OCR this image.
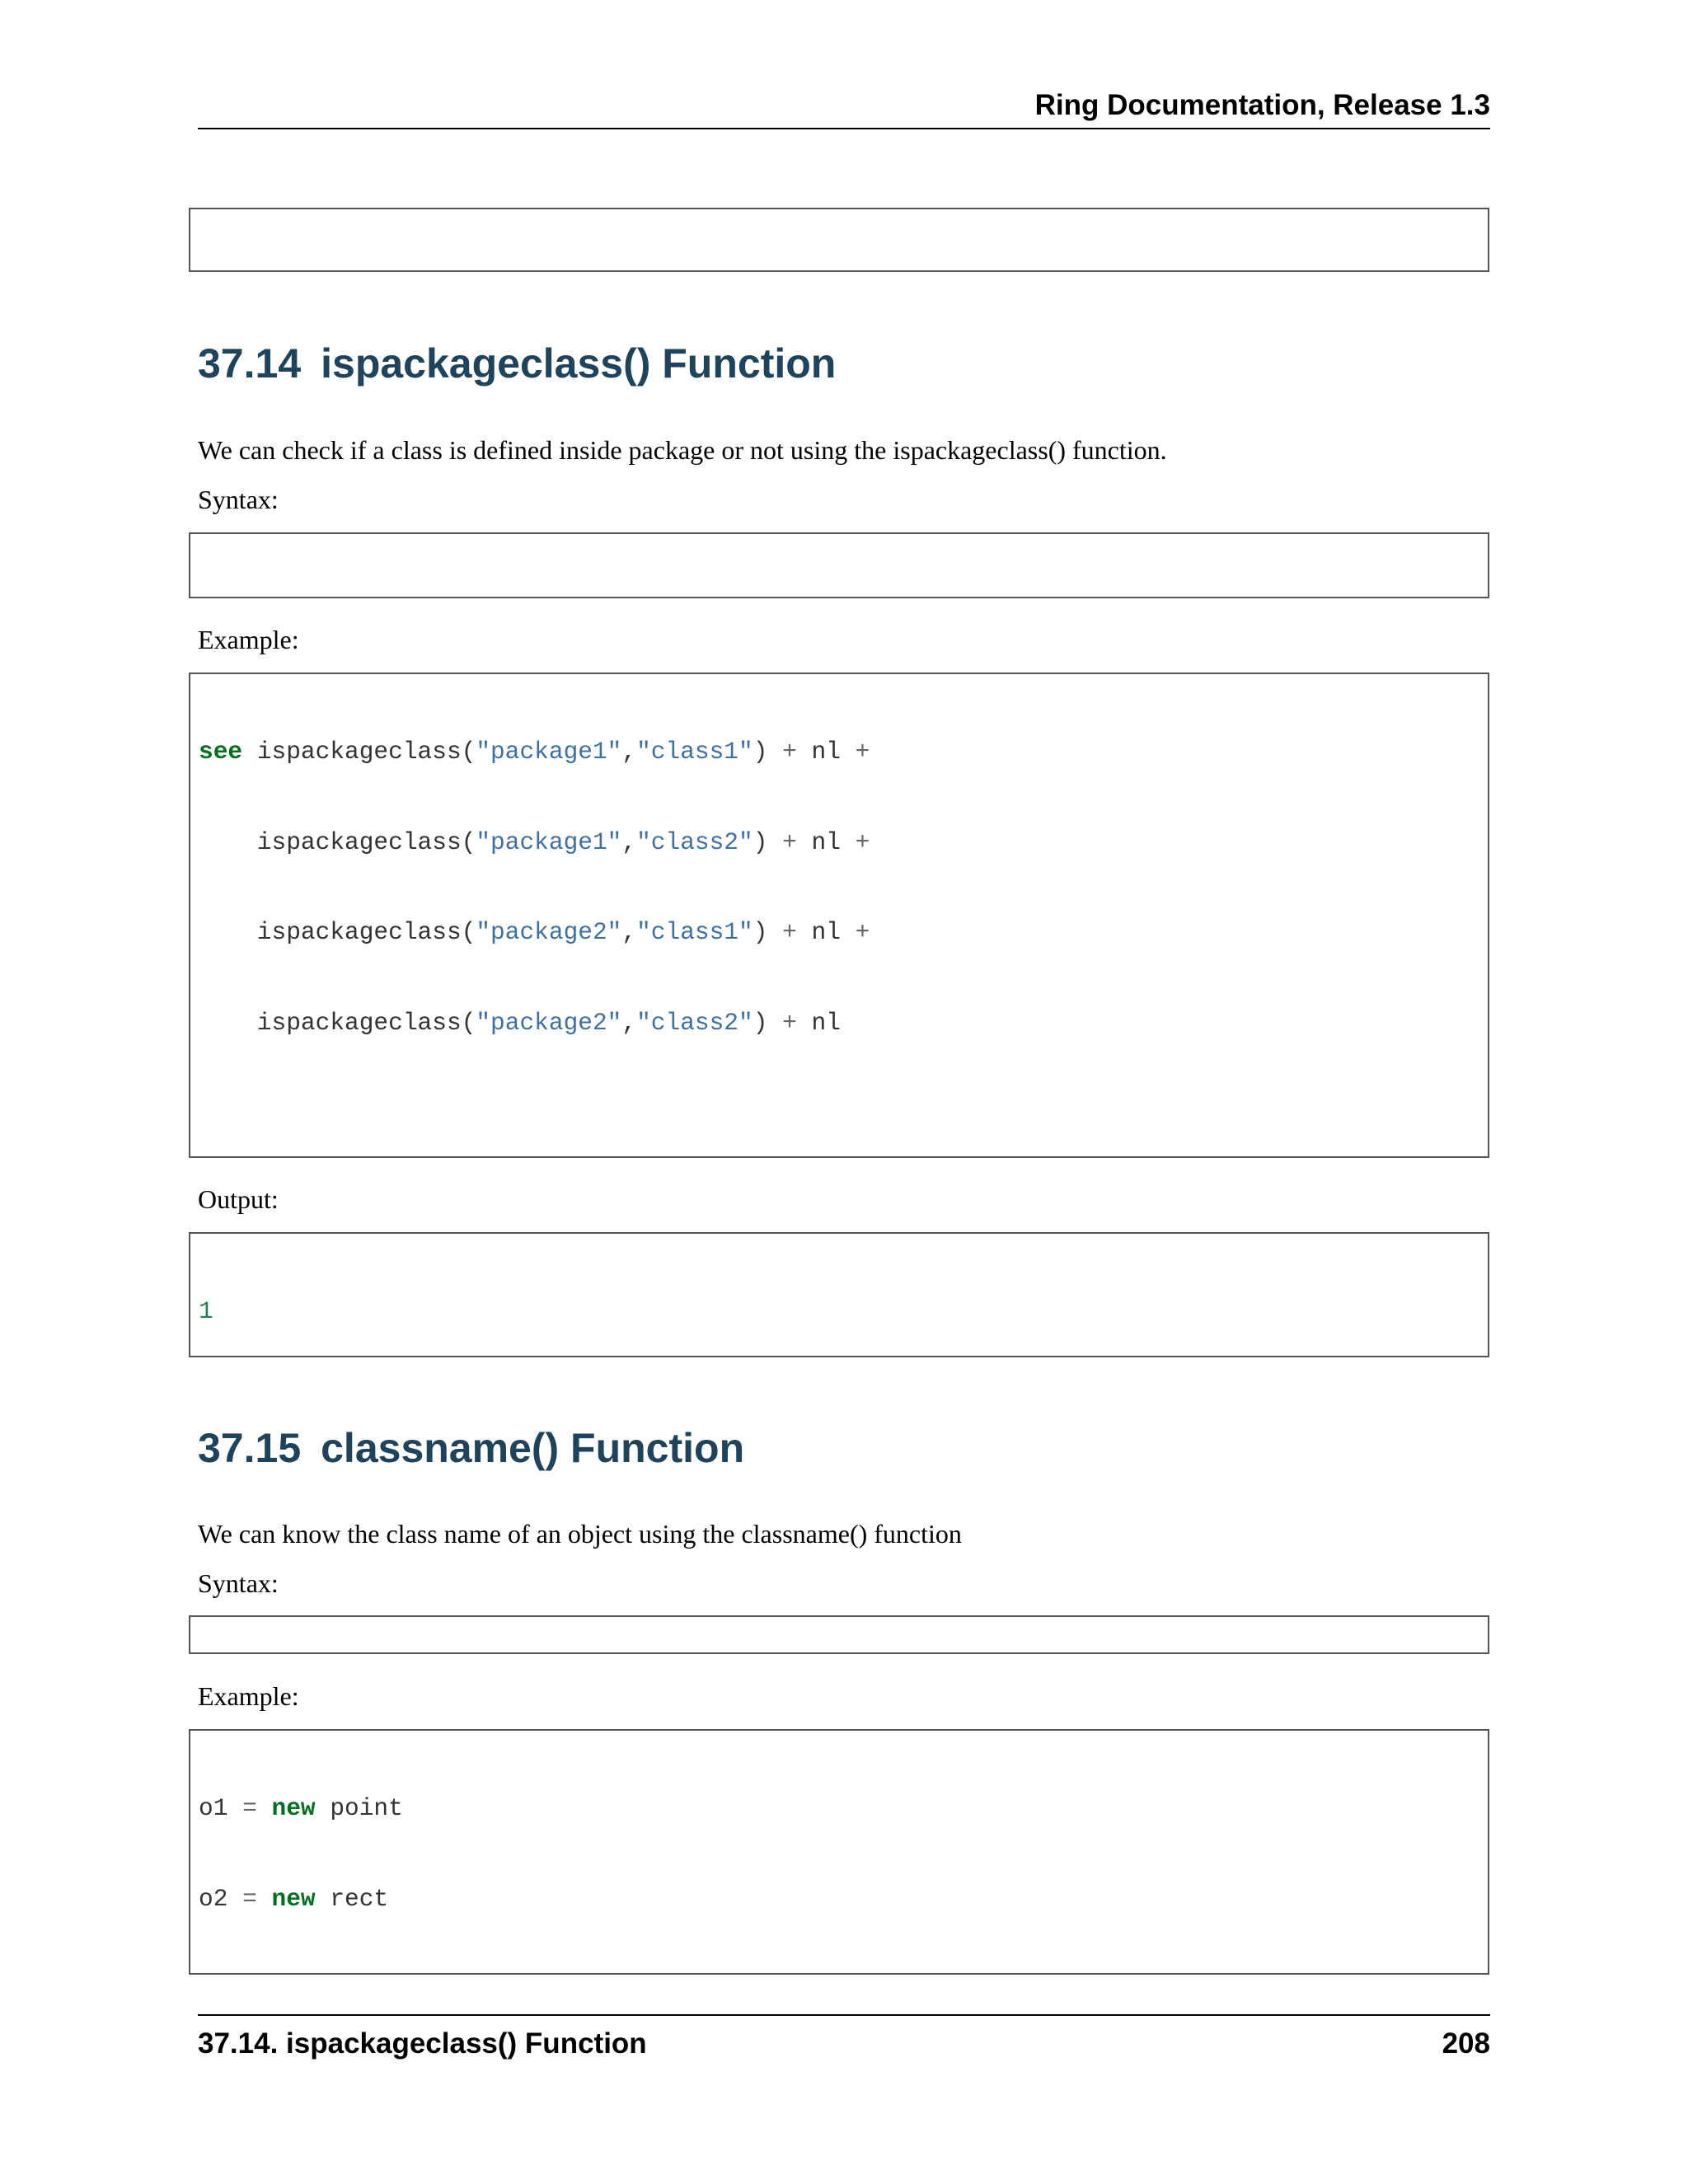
Ring Documentation, Release 1.3

37.14 ispackageclass() Function
We can check if a class is defined inside package or not using the ispackageclass() function.
Syntax:

Example:

see ispackageclass("package1","class1") + nl +

ispackageclass("package1","class2") + nl +

ispackageclass("package2","class1") + nl +

ispackageclass("package2","class2") + nl

Output:

1

37.15 classname() Function
We can know the class name of an object using the classname() function
Syntax:

Example:

o1 = new point

o2 = new rect

37.14. ispackageclass() Function	208
